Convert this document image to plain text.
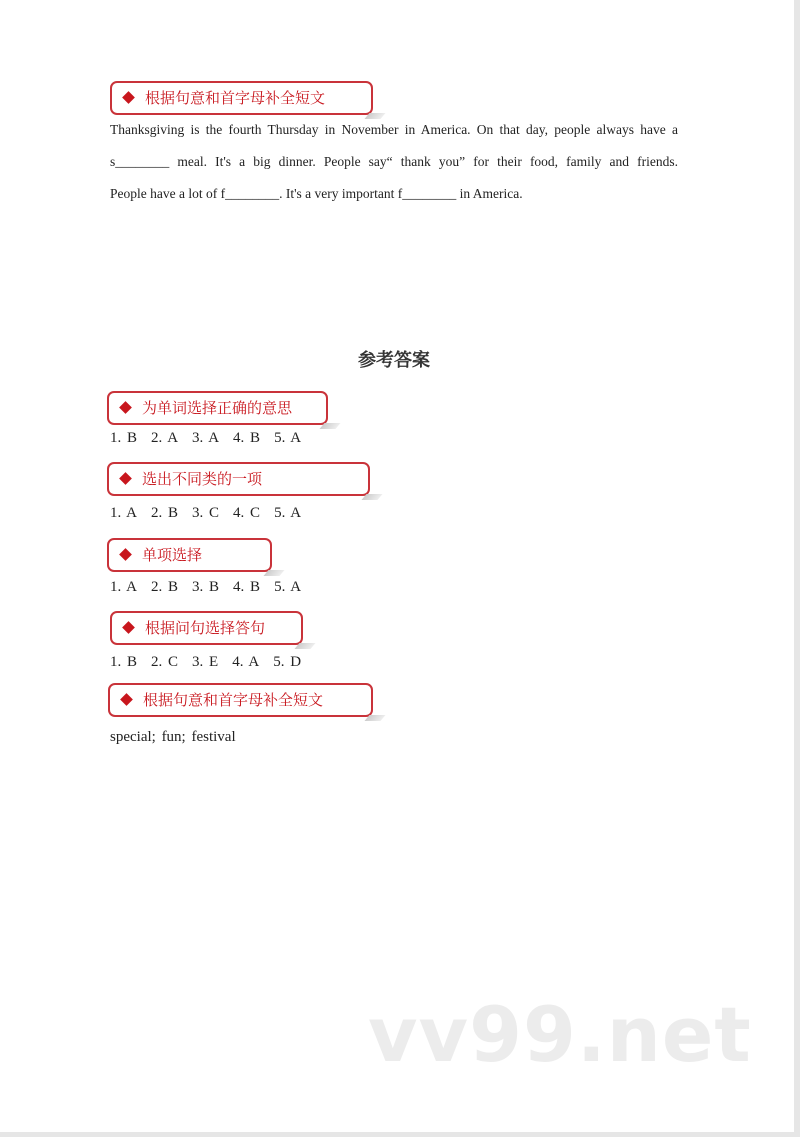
根据句意和首字母补全短文
Thanksgiving is the fourth Thursday in November in America. On that day, people always have a
s________ meal. It's a big dinner. People say“ thank you” for their food, family and friends.
People have a lot of f________. It's a very important f________ in America.
参考答案
为单词选择正确的意思
1. B 2. A 3. A 4. B 5. A
选出不同类的一项
1. A 2. B 3. C 4. C 5. A
单项选择
1. A 2. B 3. B 4. B 5. A
根据问句选择答句
1. B 2. C 3. E 4. A 5. D
根据句意和首字母补全短文
special; fun; festival
vv99.net
